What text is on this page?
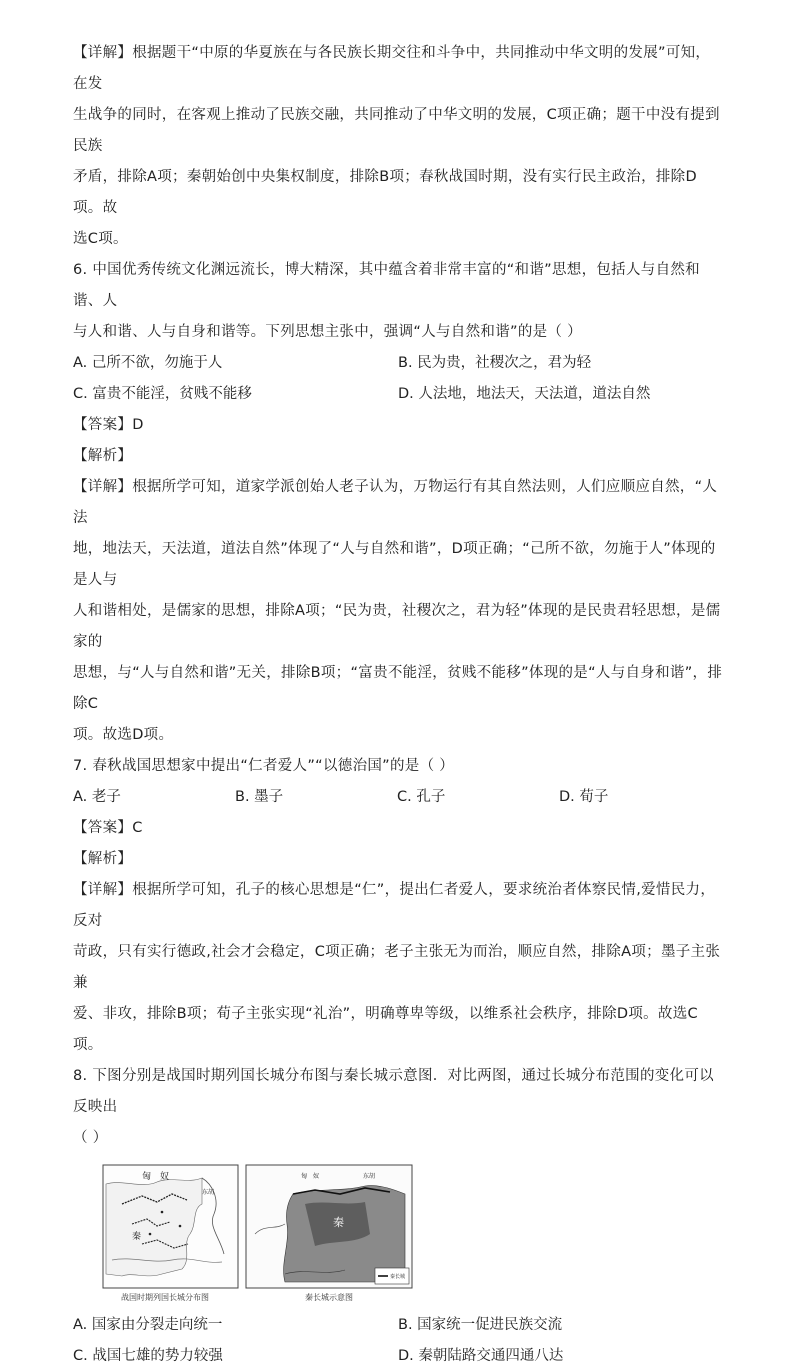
【详解】根据题干“中原的华夏族在与各民族长期交往和斗争中，共同推动中华文明的发展”可知，在发

生战争的同时，在客观上推动了民族交融，共同推动了中华文明的发展，C项正确；题干中没有提到民族

矛盾，排除A项；秦朝始创中央集权制度，排除B项；春秋战国时期，没有实行民主政治，排除D项。故

选C项。

6. 中国优秀传统文化渊远流长，博大精深，其中蕴含着非常丰富的“和谐”思想，包括人与自然和谐、人

与人和谐、人与自身和谐等。下列思想主张中，强调“人与自然和谐”的是（ ）

A. 己所不欲，勿施于人	B. 民为贵，社稷次之，君为轻
C. 富贵不能淫，贫贱不能移	D. 人法地，地法天，天法道，道法自然

【答案】D

【解析】

【详解】根据所学可知，道家学派创始人老子认为，万物运行有其自然法则，人们应顺应自然，“人法

地，地法天，天法道，道法自然”体现了“人与自然和谐”，D项正确；“己所不欲，勿施于人”体现的是人与

人和谐相处，是儒家的思想，排除A项；“民为贵，社稷次之，君为轻”体现的是民贵君轻思想，是儒家的

思想，与“人与自然和谐”无关，排除B项；“富贵不能淫，贫贱不能移”体现的是“人与自身和谐”，排除C

项。故选D项。

7. 春秋战国思想家中提出“仁者爱人”“以德治国”的是（ ）

A. 老子	B. 墨子	C. 孔子	D. 荀子

【答案】C

【解析】

【详解】根据所学可知，孔子的核心思想是“仁”，提出仁者爱人，要求统治者体察民情,爱惜民力，反对

苛政，只有实行德政,社会才会稳定，C项正确；老子主张无为而治，顺应自然，排除A项；墨子主张兼

爱、非攻，排除B项；荀子主张实现“礼治”，明确尊卑等级，以维系社会秩序，排除D项。故选C项。

8. 下图分别是战国时期列国长城分布图与秦长城示意图．对比两图，通过长城分布范围的变化可以反映出

（ ）

匈　奴
秦
东胡
匈　奴	东胡
秦
秦长城
战国时期列国长城分布图	秦长城示意图
A. 国家由分裂走向统一	B. 国家统一促进民族交流
C. 战国七雄的势力较强	D. 秦朝陆路交通四通八达
